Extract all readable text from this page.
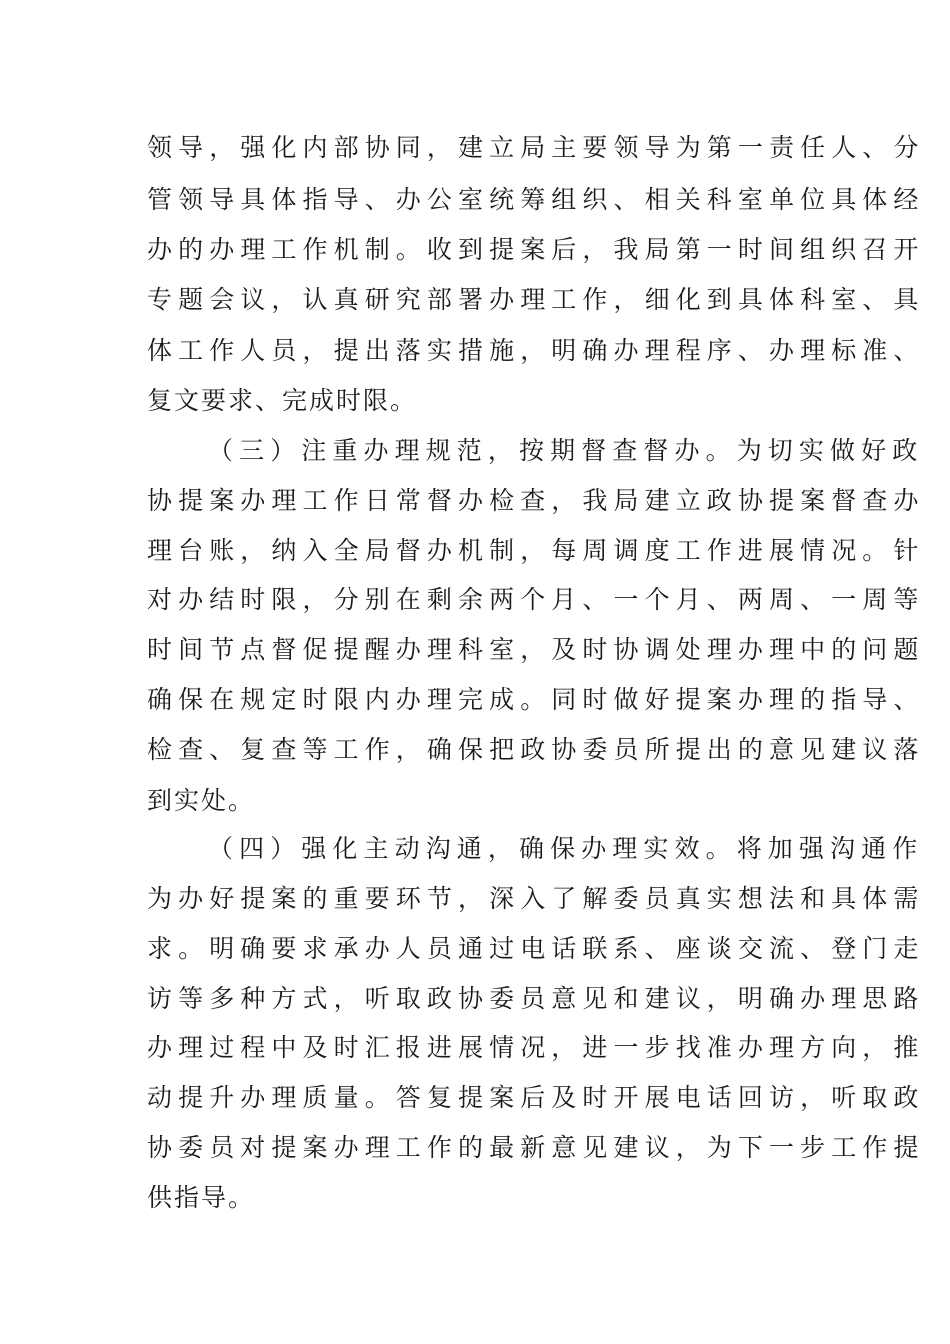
领导，强化内部协同，建立局主要领导为第一责任人、分
管领导具体指导、办公室统筹组织、相关科室单位具体经
办的办理工作机制。收到提案后，我局第一时间组织召开
专题会议，认真研究部署办理工作，细化到具体科室、具
体工作人员，提出落实措施，明确办理程序、办理标准、
复文要求、完成时限。
（三）注重办理规范，按期督查督办。为切实做好政
协提案办理工作日常督办检查，我局建立政协提案督查办
理台账，纳入全局督办机制，每周调度工作进展情况。针
对办结时限，分别在剩余两个月、一个月、两周、一周等
时间节点督促提醒办理科室，及时协调处理办理中的问题
确保在规定时限内办理完成。同时做好提案办理的指导、
检查、复查等工作，确保把政协委员所提出的意见建议落
到实处。
（四）强化主动沟通，确保办理实效。将加强沟通作
为办好提案的重要环节，深入了解委员真实想法和具体需
求。明确要求承办人员通过电话联系、座谈交流、登门走
访等多种方式，听取政协委员意见和建议，明确办理思路
办理过程中及时汇报进展情况，进一步找准办理方向，推
动提升办理质量。答复提案后及时开展电话回访，听取政
协委员对提案办理工作的最新意见建议，为下一步工作提
供指导。
